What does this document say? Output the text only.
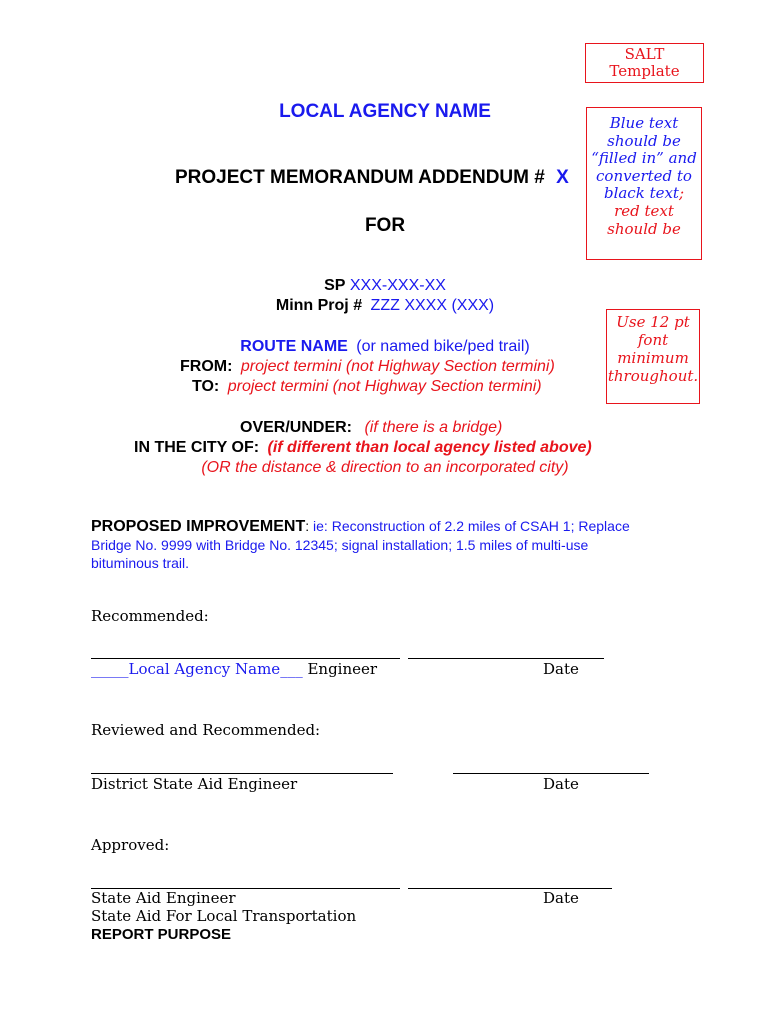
SALT
Template
Blue text should be “filled in” and converted to black text; red text should be
Use 12 pt font minimum throughout.
LOCAL AGENCY NAME
PROJECT MEMORANDUM ADDENDUM # X
FOR
SP XXX-XXX-XX
Minn Proj # ZZZ XXXX (XXX)
ROUTE NAME (or named bike/ped trail)
FROM: project termini (not Highway Section termini)
TO: project termini (not Highway Section termini)
OVER/UNDER: (if there is a bridge)
IN THE CITY OF: (if different than local agency listed above)
(OR the distance & direction to an incorporated city)
PROPOSED IMPROVEMENT: ie: Reconstruction of 2.2 miles of CSAH 1; Replace
Bridge No. 9999 with Bridge No. 12345; signal installation; 1.5 miles of multi-use
bituminous trail.
Recommended:
_____Local Agency Name___ Engineer	Date
Reviewed and Recommended:
District State Aid Engineer	Date
Approved:
State Aid Engineer	Date
State Aid For Local Transportation
REPORT PURPOSE
